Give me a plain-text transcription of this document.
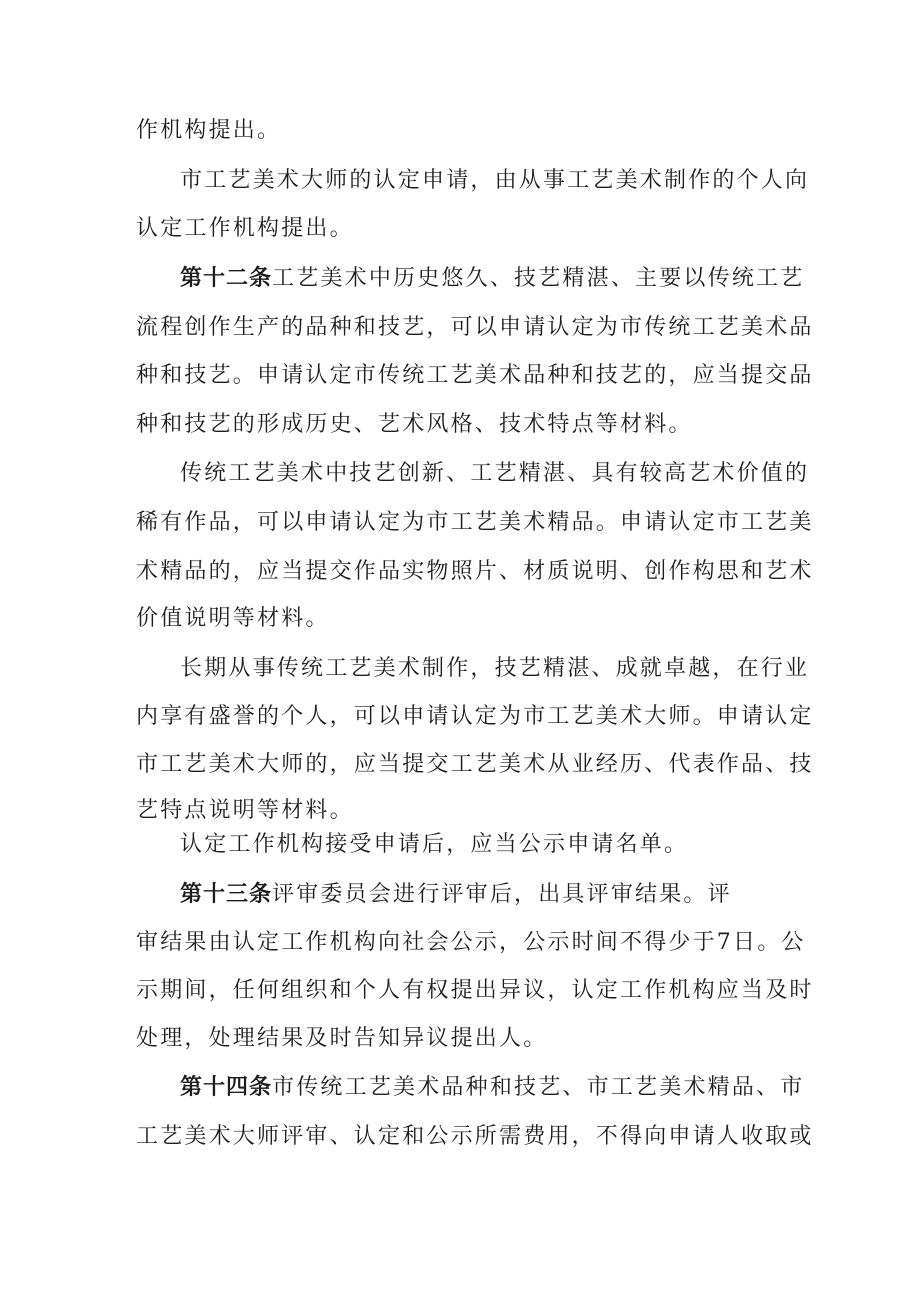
作机构提出。
市工艺美术大师的认定申请，由从事工艺美术制作的个人向
认定工作机构提出。
第十二条工艺美术中历史悠久、技艺精湛、主要以传统工艺
流程创作生产的品种和技艺，可以申请认定为市传统工艺美术品
种和技艺。申请认定市传统工艺美术品种和技艺的，应当提交品
种和技艺的形成历史、艺术风格、技术特点等材料。
传统工艺美术中技艺创新、工艺精湛、具有较高艺术价值的
稀有作品，可以申请认定为市工艺美术精品。申请认定市工艺美
术精品的，应当提交作品实物照片、材质说明、创作构思和艺术
价值说明等材料。
长期从事传统工艺美术制作，技艺精湛、成就卓越，在行业
内享有盛誉的个人，可以申请认定为市工艺美术大师。申请认定
市工艺美术大师的，应当提交工艺美术从业经历、代表作品、技
艺特点说明等材料。
认定工作机构接受申请后，应当公示申请名单。
第十三条评审委员会进行评审后，出具评审结果。评
审结果由认定工作机构向社会公示，公示时间不得少于7日。公
示期间，任何组织和个人有权提出异议，认定工作机构应当及时
处理，处理结果及时告知异议提出人。
第十四条市传统工艺美术品种和技艺、市工艺美术精品、市
工艺美术大师评审、认定和公示所需费用，不得向申请人收取或
